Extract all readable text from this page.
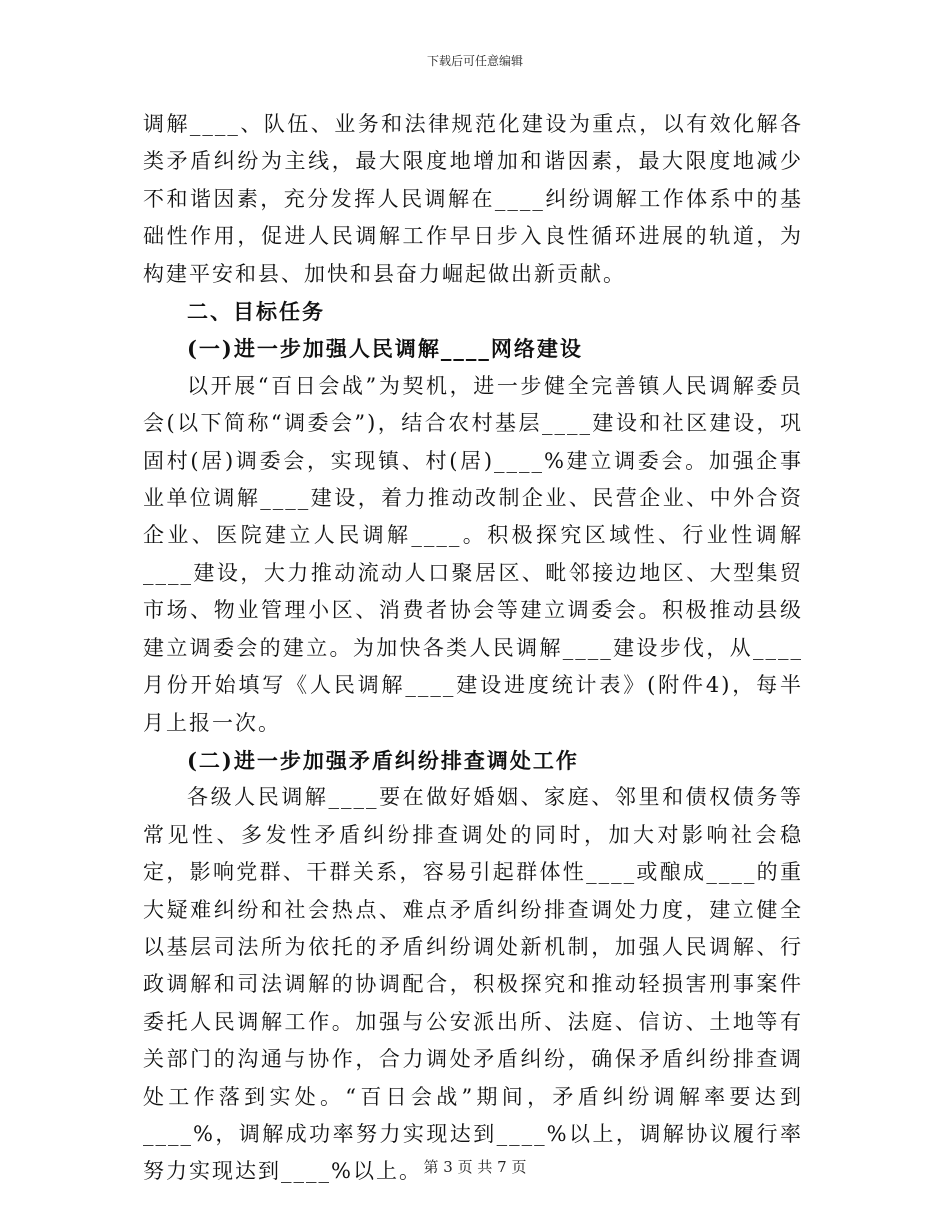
下载后可任意编辑

调解____、队伍、业务和法律规范化建设为重点，以有效化解各类矛盾纠纷为主线，最大限度地增加和谐因素，最大限度地减少不和谐因素，充分发挥人民调解在____纠纷调解工作体系中的基础性作用，促进人民调解工作早日步入良性循环进展的轨道，为构建平安和县、加快和县奋力崛起做出新贡献。

二、目标任务

(一)进一步加强人民调解____网络建设

以开展“百日会战”为契机，进一步健全完善镇人民调解委员会(以下简称“调委会”)，结合农村基层____建设和社区建设，巩固村(居)调委会，实现镇、村(居)____%建立调委会。加强企事业单位调解____建设，着力推动改制企业、民营企业、中外合资企业、医院建立人民调解____。积极探究区域性、行业性调解____建设，大力推动流动人口聚居区、毗邻接边地区、大型集贸市场、物业管理小区、消费者协会等建立调委会。积极推动县级建立调委会的建立。为加快各类人民调解____建设步伐，从____月份开始填写《人民调解____建设进度统计表》(附件4)，每半月上报一次。

(二)进一步加强矛盾纠纷排查调处工作

各级人民调解____要在做好婚姻、家庭、邻里和债权债务等常见性、多发性矛盾纠纷排查调处的同时，加大对影响社会稳定，影响党群、干群关系，容易引起群体性____或酿成____的重大疑难纠纷和社会热点、难点矛盾纠纷排查调处力度，建立健全以基层司法所为依托的矛盾纠纷调处新机制，加强人民调解、行政调解和司法调解的协调配合，积极探究和推动轻损害刑事案件委托人民调解工作。加强与公安派出所、法庭、信访、土地等有关部门的沟通与协作，合力调处矛盾纠纷，确保矛盾纠纷排查调处工作落到实处。“百日会战”期间，矛盾纠纷调解率要达到____%，调解成功率努力实现达到____%以上，调解协议履行率努力实现达到____%以上。 第 3 页 共 7 页
